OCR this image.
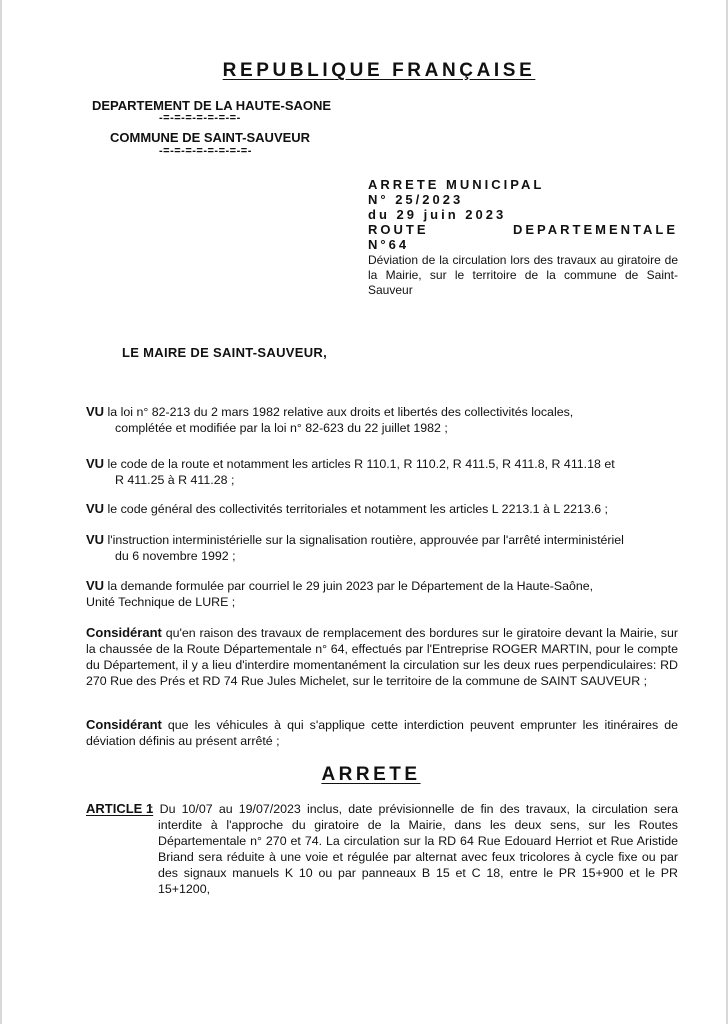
REPUBLIQUE FRANÇAISE
DEPARTEMENT DE LA HAUTE-SAONE
-=-=-=-=-=-=-=-
COMMUNE DE SAINT-SAUVEUR
-=-=-=-=-=-=-=-=-
ARRETE MUNICIPAL
N° 25/2023
du 29 juin 2023
ROUTE	DEPARTEMENTALE
N°64
Déviation de la circulation lors des travaux au giratoire de la Mairie, sur le territoire de la commune de Saint-Sauveur
LE MAIRE DE SAINT-SAUVEUR,
VU la loi n° 82-213 du 2 mars 1982 relative aux droits et libertés des collectivités locales,
complétée et modifiée par la loi n° 82-623 du 22 juillet 1982 ;
VU le code de la route et notamment les articles R 110.1, R 110.2, R 411.5, R 411.8, R 411.18 et
R 411.25 à R 411.28 ;
VU le code général des collectivités territoriales et notamment les articles L 2213.1 à L 2213.6 ;
VU l'instruction interministérielle sur la signalisation routière, approuvée par l'arrêté interministériel
du 6 novembre 1992 ;
VU la demande formulée par courriel le 29 juin 2023 par le Département de la Haute-Saône,
Unité Technique de LURE ;
Considérant qu'en raison des travaux de remplacement des bordures sur le giratoire devant la Mairie, sur la chaussée de la Route Départementale n° 64, effectués par l'Entreprise ROGER MARTIN, pour le compte du Département, il y a lieu d'interdire momentanément la circulation sur les deux rues perpendiculaires: RD 270 Rue des Prés et RD 74 Rue Jules Michelet, sur le territoire de la commune de SAINT SAUVEUR ;
Considérant que les véhicules à qui s'applique cette interdiction peuvent emprunter les itinéraires de déviation définis au présent arrêté ;
ARRETE
ARTICLE 1
: Du 10/07 au 19/07/2023 inclus, date prévisionnelle de fin des travaux, la circulation sera interdite à l'approche du giratoire de la Mairie, dans les deux sens, sur les Routes Départementale n° 270 et 74. La circulation sur la RD 64 Rue Edouard Herriot et Rue Aristide Briand sera réduite à une voie et régulée par alternat avec feux tricolores à cycle fixe ou par des signaux manuels K 10 ou par panneaux B 15 et C 18, entre le PR 15+900 et le PR 15+1200,
